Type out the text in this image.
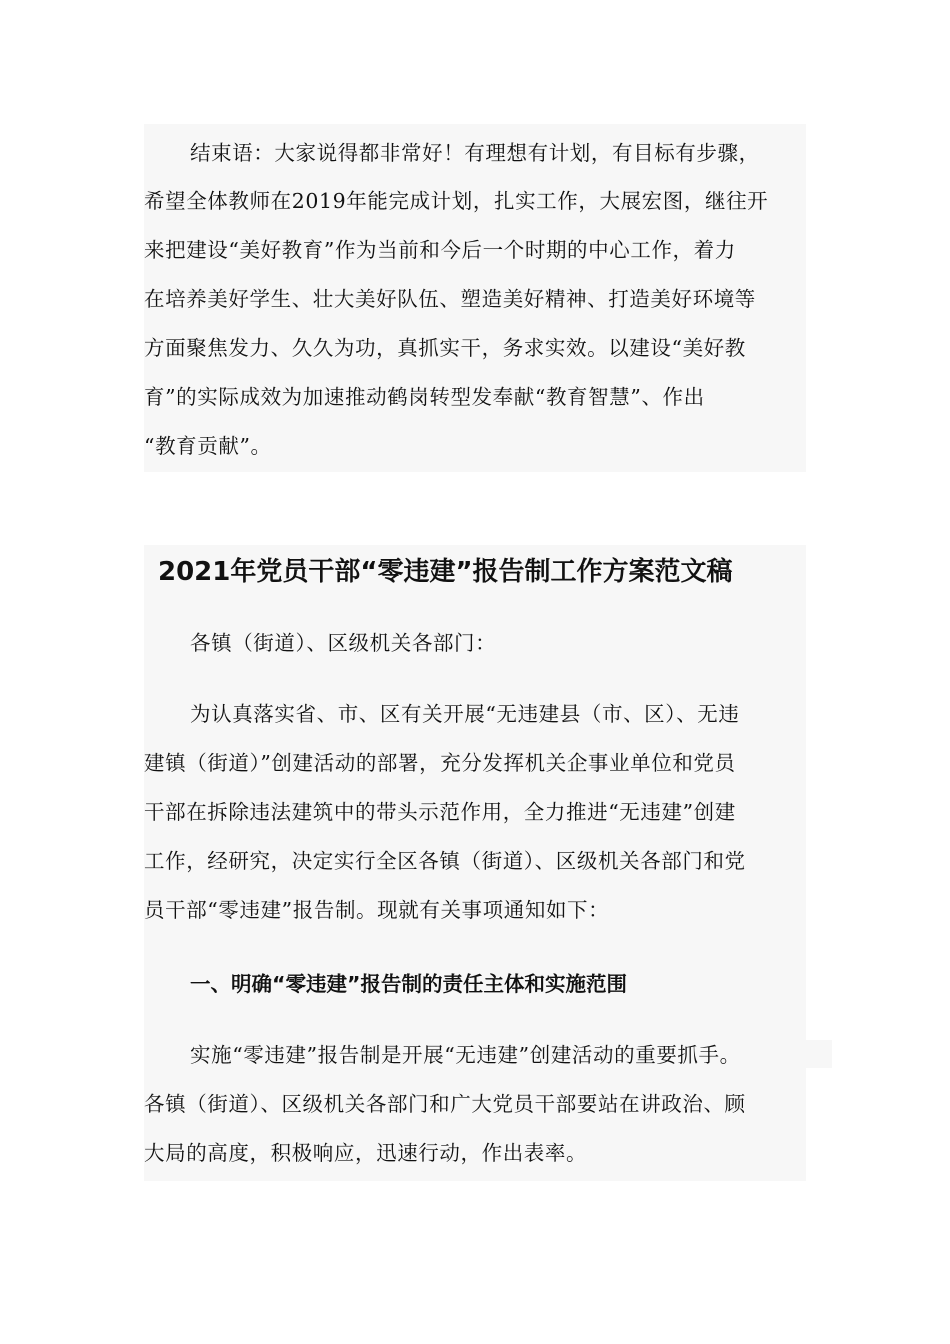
结束语：大家说得都非常好！有理想有计划，有目标有步骤，
希望全体教师在2019年能完成计划，扎实工作，大展宏图，继往开
来把建设“美好教育”作为当前和今后一个时期的中心工作，着力
在培养美好学生、壮大美好队伍、塑造美好精神、打造美好环境等
方面聚焦发力、久久为功，真抓实干，务求实效。以建设“美好教
育”的实际成效为加速推动鹤岗转型发奉献“教育智慧”、作出
“教育贡献”。
2021年党员干部“零违建”报告制工作方案范文稿
各镇（街道）、区级机关各部门：
为认真落实省、市、区有关开展“无违建县（市、区）、无违
建镇（街道）”创建活动的部署，充分发挥机关企事业单位和党员
干部在拆除违法建筑中的带头示范作用，全力推进“无违建”创建
工作，经研究，决定实行全区各镇（街道）、区级机关各部门和党
员干部“零违建”报告制。现就有关事项通知如下：
一、明确“零违建”报告制的责任主体和实施范围
实施“零违建”报告制是开展“无违建”创建活动的重要抓手。
各镇（街道）、区级机关各部门和广大党员干部要站在讲政治、顾
大局的高度，积极响应，迅速行动，作出表率。
